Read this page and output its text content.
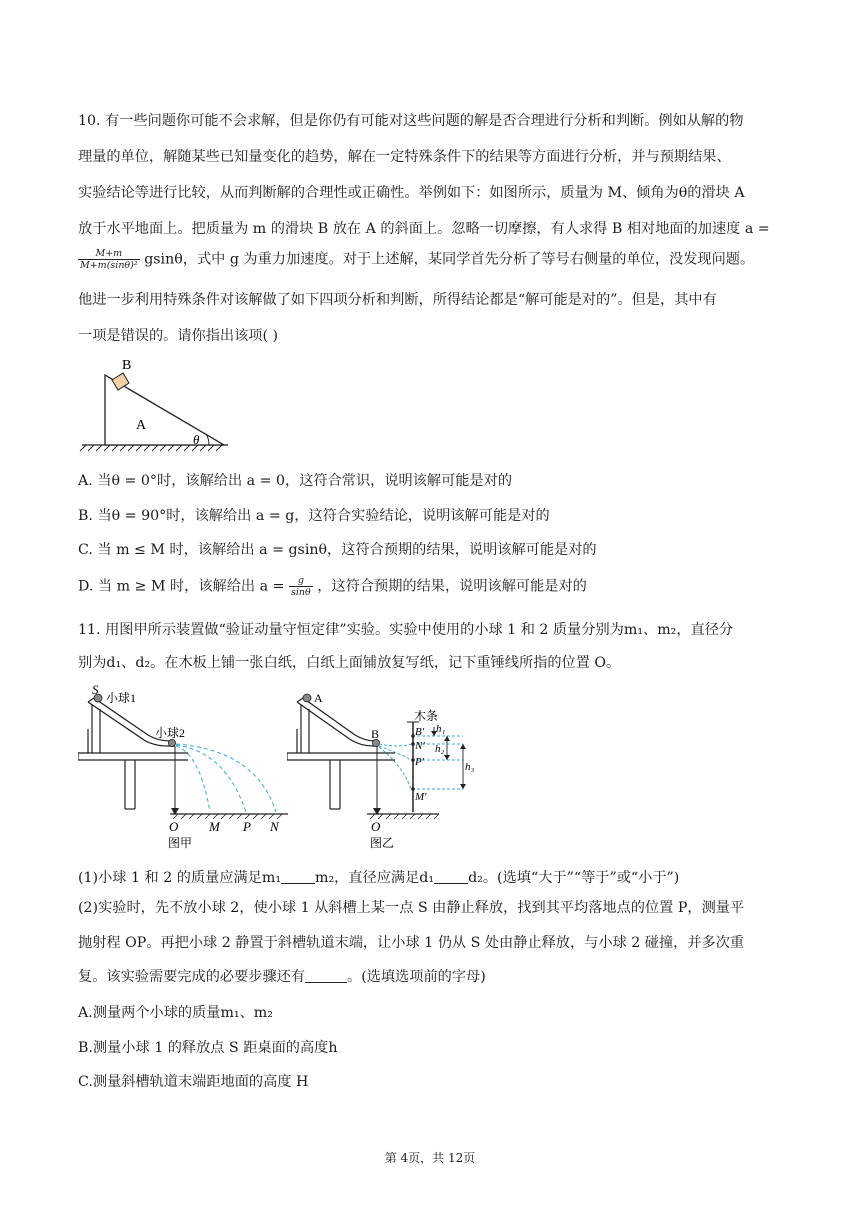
10. 有一些问题你可能不会求解，但是你仍有可能对这些问题的解是否合理进行分析和判断。例如从解的物
理量的单位，解随某些已知量变化的趋势，解在一定特殊条件下的结果等方面进行分析，并与预期结果、
实验结论等进行比较，从而判断解的合理性或正确性。举例如下：如图所示，质量为 M、倾角为θ的滑块 A
放于水平地面上。把质量为 m 的滑块 B 放在 A 的斜面上。忽略一切摩擦，有人求得 B 相对地面的加速度 a =
$\frac{M+m}{\text{M+m(sinθ)²}}$ gsinθ，式中 g 为重力加速度。对于上述解，某同学首先分析了等号右侧量的单位，没发现问题。
他进一步利用特殊条件对该解做了如下四项分析和判断，所得结论都是“解可能是对的”。但是，其中有
一项是错误的。请你指出该项( )
B
A
θ
A. 当θ = 0°时，该解给出 a = 0，这符合常识，说明该解可能是对的
B. 当θ = 90°时，该解给出 a = g，这符合实验结论，说明该解可能是对的
C. 当 m ≤ M 时，该解给出 a = gsinθ，这符合预期的结果，说明该解可能是对的
D. 当 m ≥ M 时，该解给出 $a = \frac{g}{\sin\theta}$ ，这符合预期的结果，说明该解可能是对的
11. 用图甲所示装置做“验证动量守恒定律”实验。实验中使用的小球 1 和 2 质量分别为m₁、m₂，直径分
别为d₁、d₂。在木板上铺一张白纸，白纸上面铺放复写纸，记下重锤线所指的位置 O。
S
小球1
小球2
O M P N
图甲
A
B
木条
B′
N′
P′
M′
h₁
h₂
h₃
O
图乙
(1)小球 1 和 2 的质量应满足m₁ m₂，直径应满足d₁ d₂。(选填“大于”“等于”或“小于”)
(2)实验时，先不放小球 2，使小球 1 从斜槽上某一点 S 由静止释放，找到其平均落地点的位置 P，测量平
抛射程 OP。再把小球 2 静置于斜槽轨道末端，让小球 1 仍从 S 处由静止释放，与小球 2 碰撞，并多次重
复。该实验需要完成的必要步骤还有	。(选填选项前的字母)
A.测量两个小球的质量m₁、m₂
B.测量小球 1 的释放点 S 距桌面的高度h
C.测量斜槽轨道末端距地面的高度 H
第 4页，共 12页
